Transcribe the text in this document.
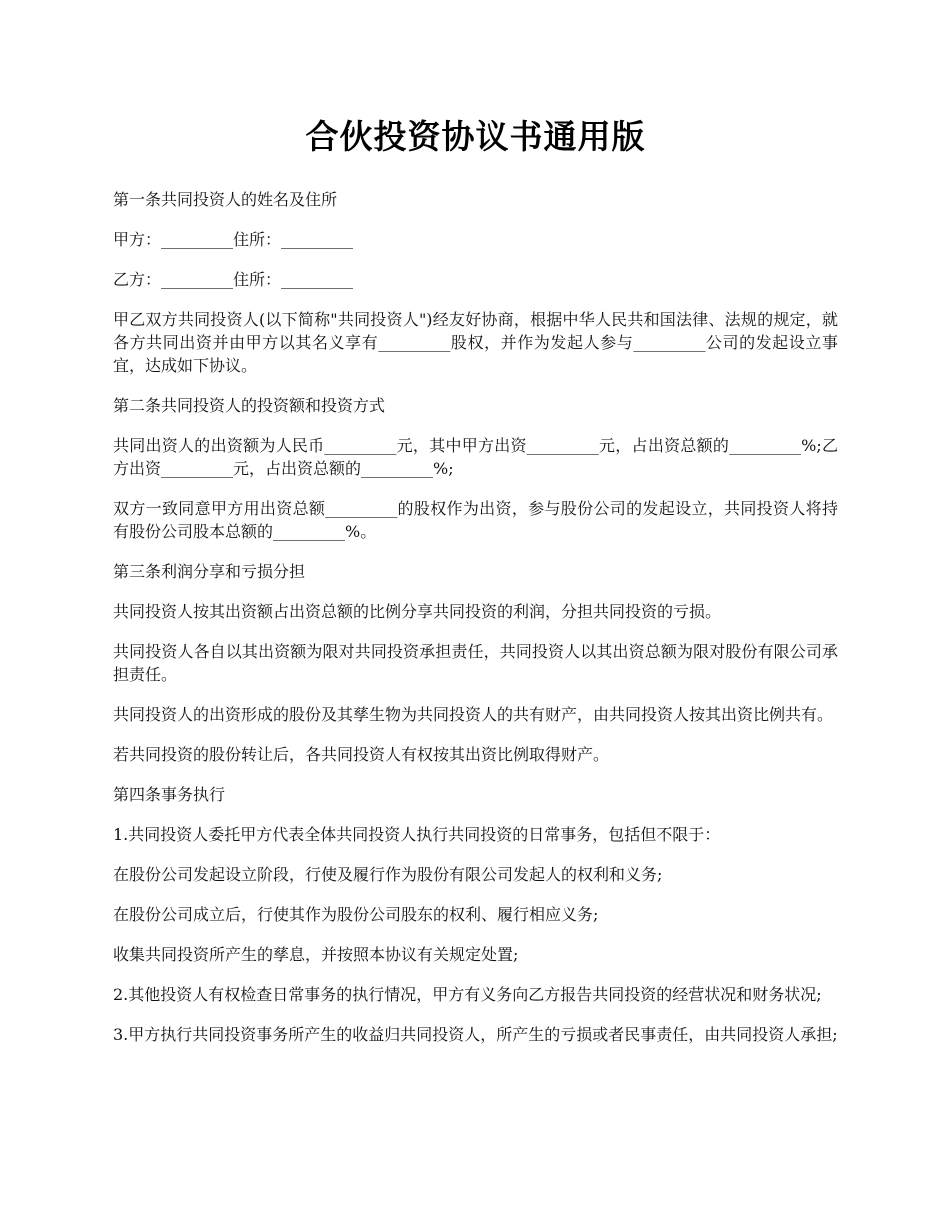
合伙投资协议书通用版

第一条共同投资人的姓名及住所

甲方：_________住所：_________

乙方：_________住所：_________

甲乙双方共同投资人(以下简称"共同投资人")经友好协商，根据中华人民共和国法律、法规的规定，就各方共同出资并由甲方以其名义享有_________股权，并作为发起人参与_________公司的发起设立事宜，达成如下协议。

第二条共同投资人的投资额和投资方式

共同出资人的出资额为人民币_________元，其中甲方出资_________元，占出资总额的_________%;乙方出资_________元，占出资总额的_________%;

双方一致同意甲方用出资总额_________的股权作为出资，参与股份公司的发起设立，共同投资人将持有股份公司股本总额的_________%。

第三条利润分享和亏损分担

共同投资人按其出资额占出资总额的比例分享共同投资的利润，分担共同投资的亏损。

共同投资人各自以其出资额为限对共同投资承担责任，共同投资人以其出资总额为限对股份有限公司承担责任。

共同投资人的出资形成的股份及其孳生物为共同投资人的共有财产，由共同投资人按其出资比例共有。

若共同投资的股份转让后，各共同投资人有权按其出资比例取得财产。

第四条事务执行

1.共同投资人委托甲方代表全体共同投资人执行共同投资的日常事务，包括但不限于：

在股份公司发起设立阶段，行使及履行作为股份有限公司发起人的权利和义务;

在股份公司成立后，行使其作为股份公司股东的权利、履行相应义务;

收集共同投资所产生的孳息，并按照本协议有关规定处置;

2.其他投资人有权检查日常事务的执行情况，甲方有义务向乙方报告共同投资的经营状况和财务状况;

3.甲方执行共同投资事务所产生的收益归共同投资人，所产生的亏损或者民事责任，由共同投资人承担;
